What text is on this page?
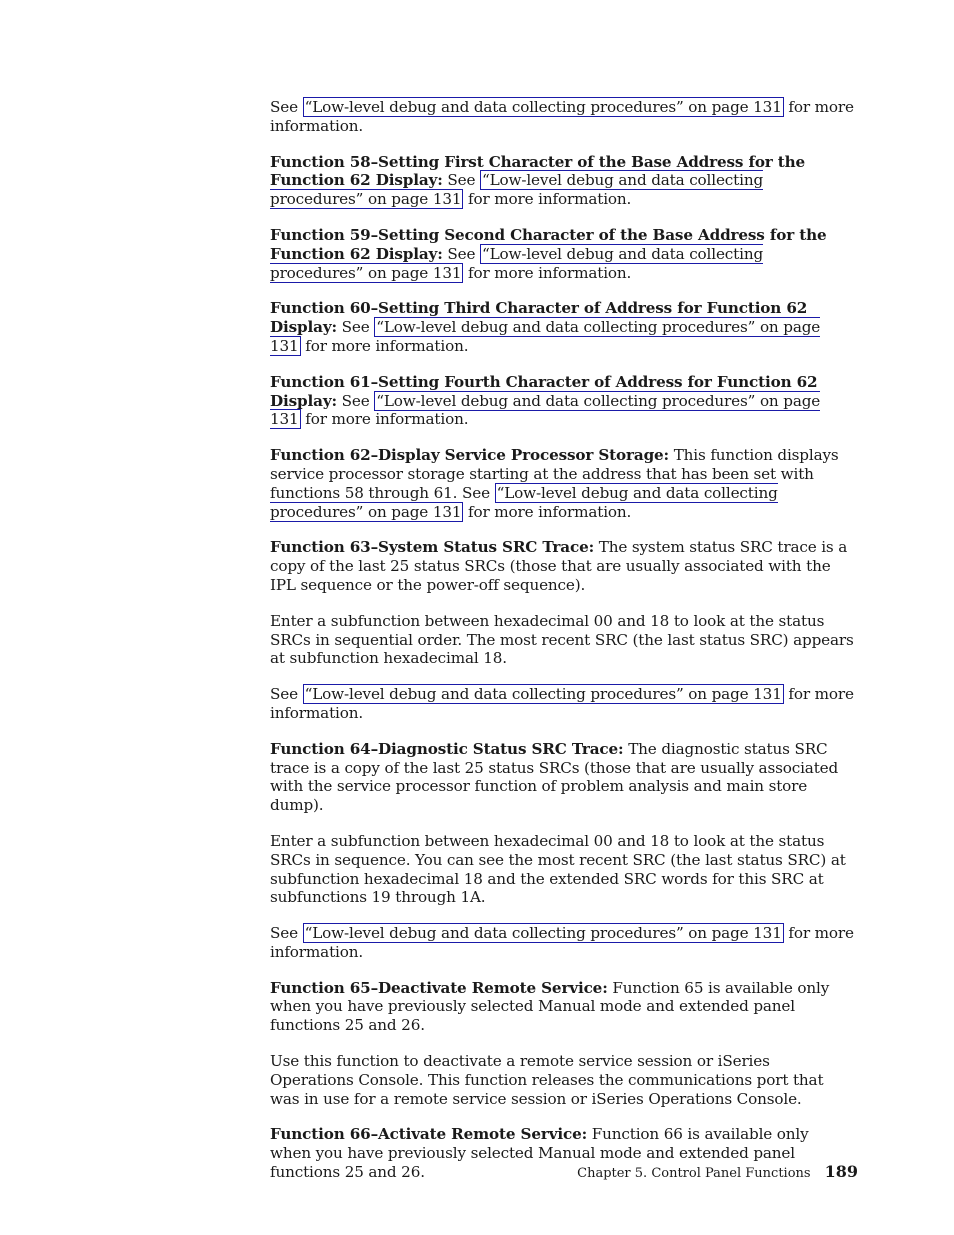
See “Low-level debug and data collecting procedures” on page 131 for more information.

Function 58–Setting First Character of the Base Address for the Function 62 Display: See “Low-level debug and data collecting procedures” on page 131 for more information.

Function 59–Setting Second Character of the Base Address for the Function 62 Display: See “Low-level debug and data collecting procedures” on page 131 for more information.

Function 60–Setting Third Character of Address for Function 62 Display: See “Low-level debug and data collecting procedures” on page 131 for more information.

Function 61–Setting Fourth Character of Address for Function 62 Display: See “Low-level debug and data collecting procedures” on page 131 for more information.

Function 62–Display Service Processor Storage: This function displays service processor storage starting at the address that has been set with functions 58 through 61. See “Low-level debug and data collecting procedures” on page 131 for more information.

Function 63–System Status SRC Trace: The system status SRC trace is a copy of the last 25 status SRCs (those that are usually associated with the IPL sequence or the power-off sequence).

Enter a subfunction between hexadecimal 00 and 18 to look at the status SRCs in sequential order. The most recent SRC (the last status SRC) appears at subfunction hexadecimal 18.

See “Low-level debug and data collecting procedures” on page 131 for more information.

Function 64–Diagnostic Status SRC Trace: The diagnostic status SRC trace is a copy of the last 25 status SRCs (those that are usually associated with the service processor function of problem analysis and main store dump).

Enter a subfunction between hexadecimal 00 and 18 to look at the status SRCs in sequence. You can see the most recent SRC (the last status SRC) at subfunction hexadecimal 18 and the extended SRC words for this SRC at subfunctions 19 through 1A.

See “Low-level debug and data collecting procedures” on page 131 for more information.

Function 65–Deactivate Remote Service: Function 65 is available only when you have previously selected Manual mode and extended panel functions 25 and 26.

Use this function to deactivate a remote service session or iSeries Operations Console. This function releases the communications port that was in use for a remote service session or iSeries Operations Console.

Function 66–Activate Remote Service: Function 66 is available only when you have previously selected Manual mode and extended panel functions 25 and 26.	Chapter 5. Control Panel Functions 189
